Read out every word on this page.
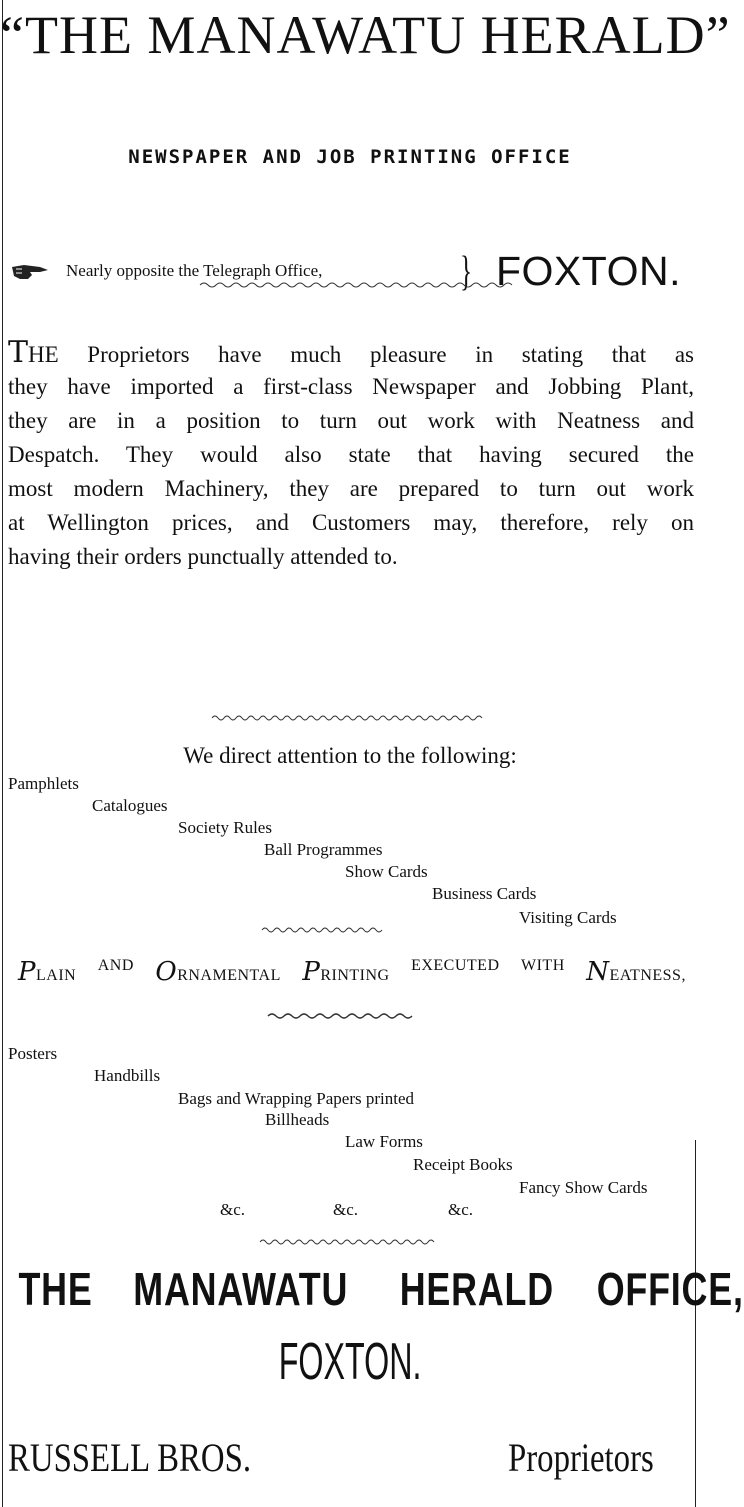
“THE MANAWATU HERALD”
NEWSPAPER AND JOB PRINTING OFFICE
Nearly opposite the Telegraph Office,	} FOXTON.
THE Proprietors have much pleasure in stating that as
they have imported a first-class Newspaper and Jobbing Plant,
they are in a position to turn out work with Neatness and
Despatch. They would also state that having secured the
most modern Machinery, they are prepared to turn out work
at Wellington prices, and Customers may, therefore, rely on
having their orders punctually attended to.
We direct attention to the following:
Pamphlets
Catalogues
Society Rules
Ball Programmes
Show Cards
Business Cards
Visiting Cards
PLAIN
AND ORNAMENTAL PRINTING
EXECUTED WITH NEATNESS,
Posters
Handbills
Bags and Wrapping Papers printed
Billheads
Law Forms
Receipt Books
Fancy Show Cards
&c.	&c.	&c.
THE MANAWATU HERALD OFFICE,
FOXTON.
RUSSELL BROS.	Proprietors
